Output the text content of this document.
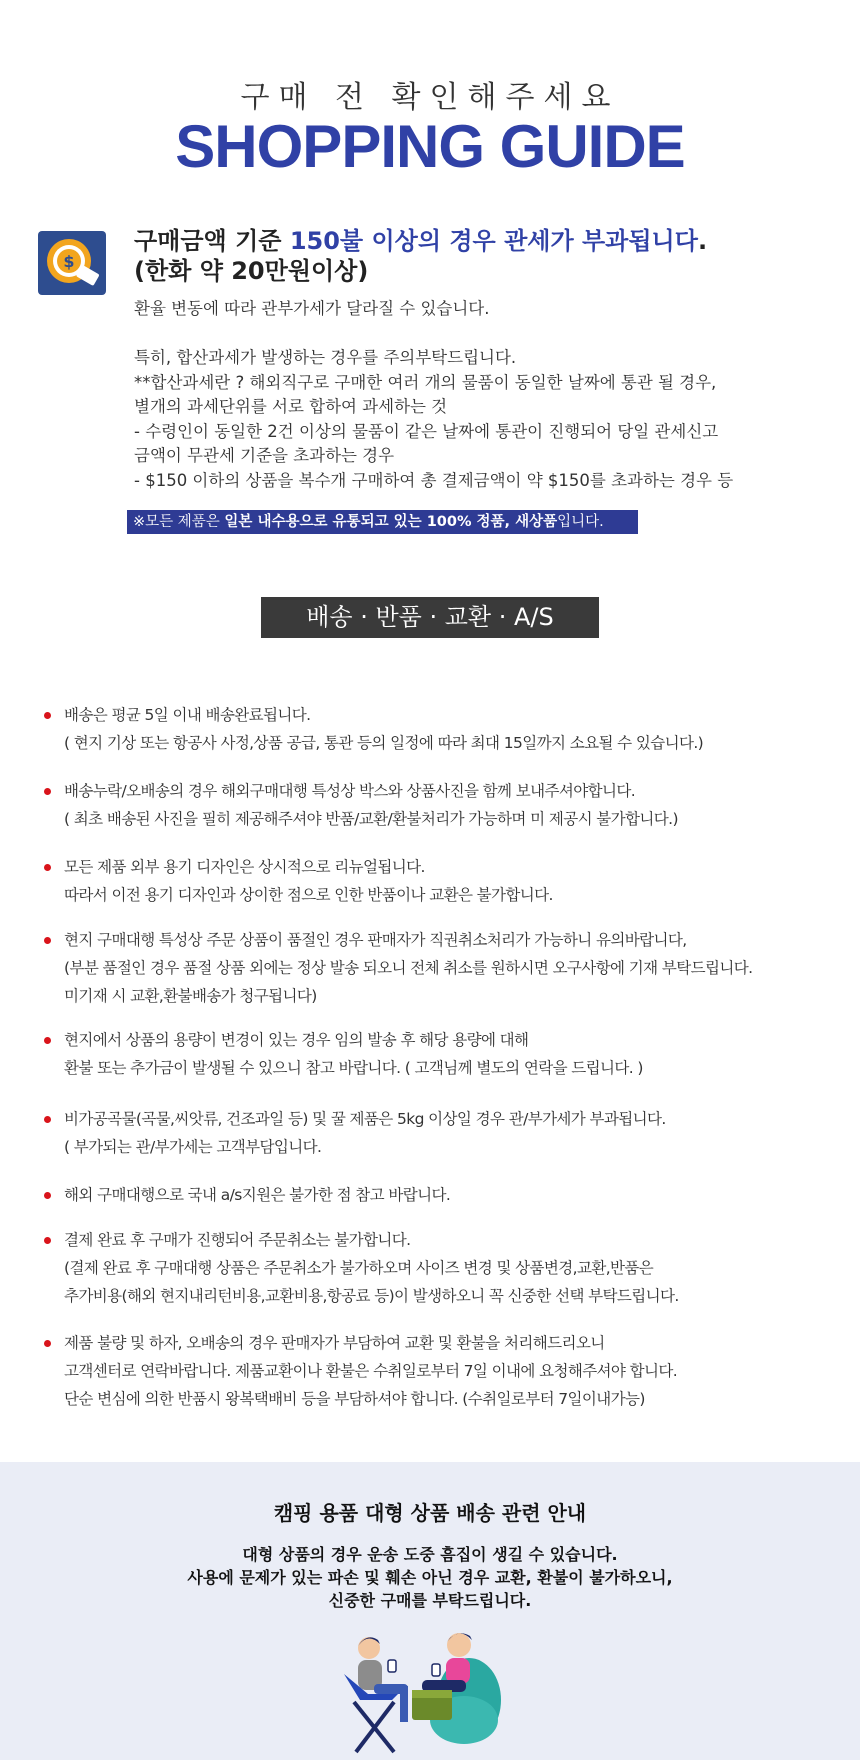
구매 전 확인해주세요
SHOPPING GUIDE
$
구매금액 기준 150불 이상의 경우 관세가 부과됩니다.
(한화 약 20만원이상)

환율 변동에 따라 관부가세가 달라질 수 있습니다.

특히, 합산과세가 발생하는 경우를 주의부탁드립니다.

**합산과세란 ? 해외직구로 구매한 여러 개의 물품이 동일한 날짜에 통관 될 경우,

별개의 과세단위를 서로 합하여 과세하는 것

- 수령인이 동일한 2건 이상의 물품이 같은 날짜에 통관이 진행되어 당일 관세신고

금액이 무관세 기준을 초과하는 경우

- $150 이하의 상품을 복수개 구매하여 총 결제금액이 약 $150를 초과하는 경우 등

※모든 제품은 일본 내수용으로 유통되고 있는 100% 정품, 새상품입니다.
배송 · 반품 · 교환 · A/S
배송은 평균 5일 이내 배송완료됩니다.
( 현지 기상 또는 항공사 사정,상품 공급, 통관 등의 일정에 따라 최대 15일까지 소요될 수 있습니다.)
배송누락/오배송의 경우 해외구매대행 특성상 박스와 상품사진을 함께 보내주셔야합니다.
( 최초 배송된 사진을 필히 제공해주셔야 반품/교환/환불처리가 가능하며 미 제공시 불가합니다.)
모든 제품 외부 용기 디자인은 상시적으로 리뉴얼됩니다.
따라서 이전 용기 디자인과 상이한 점으로 인한 반품이나 교환은 불가합니다.
현지 구매대행 특성상 주문 상품이 품절인 경우 판매자가 직권취소처리가 가능하니 유의바랍니다,
(부분 품절인 경우 품절 상품 외에는 정상 발송 되오니 전체 취소를 원하시면 오구사항에 기재 부탁드립니다.
미기재 시 교환,환불배송가 청구됩니다)
현지에서 상품의 용량이 변경이 있는 경우 임의 발송 후 해당 용량에 대해
환불 또는 추가금이 발생될 수 있으니 참고 바랍니다. ( 고객님께 별도의 연락을 드립니다. )
비가공곡물(곡물,씨앗류, 건조과일 등) 및 꿀 제품은 5kg 이상일 경우 관/부가세가 부과됩니다.
( 부가되는 관/부가세는 고객부담입니다.
해외 구매대행으로 국내 a/s지원은 불가한 점 참고 바랍니다.
결제 완료 후 구매가 진행되어 주문취소는 불가합니다.
(결제 완료 후 구매대행 상품은 주문취소가 불가하오며 사이즈 변경 및 상품변경,교환,반품은
추가비용(해외 현지내리턴비용,교환비용,항공료 등)이 발생하오니 꼭 신중한 선택 부탁드립니다.
제품 불량 및 하자, 오배송의 경우 판매자가 부담하여 교환 및 환불을 처리해드리오니
고객센터로 연락바랍니다. 제품교환이나 환불은 수취일로부터 7일 이내에 요청해주셔야 합니다.
단순 변심에 의한 반품시 왕복택배비 등을 부담하셔야 합니다. (수취일로부터 7일이내가능)
캠핑 용품 대형 상품 배송 관련 안내
대형 상품의 경우 운송 도중 흠집이 생길 수 있습니다.
사용에 문제가 있는 파손 및 훼손 아닌 경우 교환, 환불이 불가하오니,
신중한 구매를 부탁드립니다.
